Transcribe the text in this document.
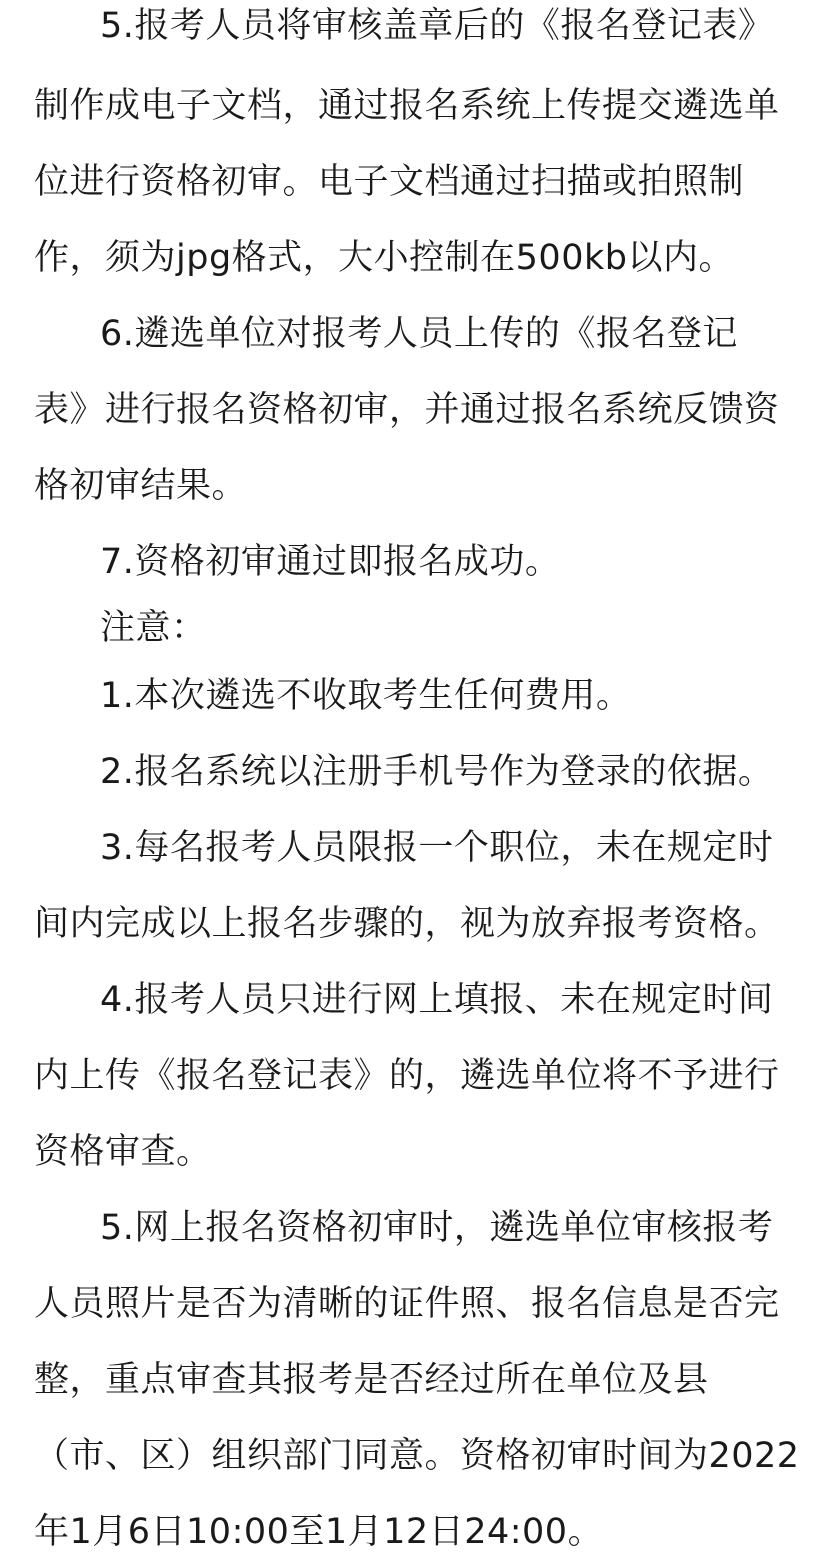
5.报考人员将审核盖章后的《报名登记表》

制作成电子文档，通过报名系统上传提交遴选单

位进行资格初审。电子文档通过扫描或拍照制

作，须为jpg格式，大小控制在500kb以内。

6.遴选单位对报考人员上传的《报名登记

表》进行报名资格初审，并通过报名系统反馈资

格初审结果。

7.资格初审通过即报名成功。

注意：

1.本次遴选不收取考生任何费用。

2.报名系统以注册手机号作为登录的依据。

3.每名报考人员限报一个职位，未在规定时

间内完成以上报名步骤的，视为放弃报考资格。

4.报考人员只进行网上填报、未在规定时间

内上传《报名登记表》的，遴选单位将不予进行

资格审查。

5.网上报名资格初审时，遴选单位审核报考

人员照片是否为清晰的证件照、报名信息是否完

整，重点审查其报考是否经过所在单位及县

（市、区）组织部门同意。资格初审时间为2022

年1月6日10:00至1月12日24:00。
